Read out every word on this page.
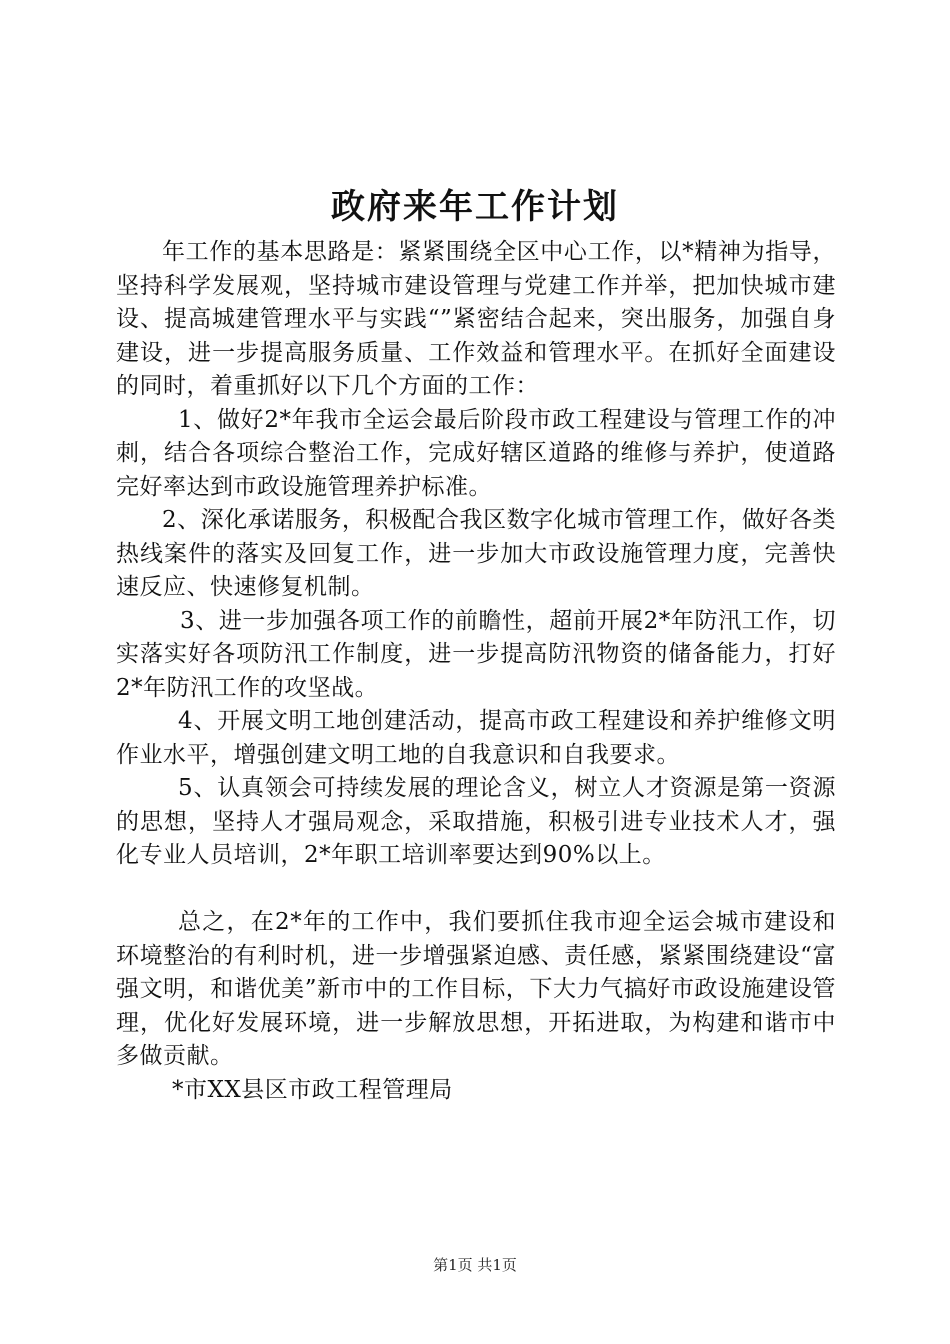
政府来年工作计划

年工作的基本思路是：紧紧围绕全区中心工作，以*精神为指导，坚持科学发展观，坚持城市建设管理与党建工作并举，把加快城市建设、提高城建管理水平与实践“”紧密结合起来，突出服务，加强自身建设，进一步提高服务质量、工作效益和管理水平。在抓好全面建设的同时，着重抓好以下几个方面的工作：

1、做好2*年我市全运会最后阶段市政工程建设与管理工作的冲刺，结合各项综合整治工作，完成好辖区道路的维修与养护，使道路完好率达到市政设施管理养护标准。

2、深化承诺服务，积极配合我区数字化城市管理工作，做好各类热线案件的落实及回复工作，进一步加大市政设施管理力度，完善快速反应、快速修复机制。

3、进一步加强各项工作的前瞻性，超前开展2*年防汛工作，切实落实好各项防汛工作制度，进一步提高防汛物资的储备能力，打好2*年防汛工作的攻坚战。

4、开展文明工地创建活动，提高市政工程建设和养护维修文明作业水平，增强创建文明工地的自我意识和自我要求。

5、认真领会可持续发展的理论含义，树立人才资源是第一资源的思想，坚持人才强局观念，采取措施，积极引进专业技术人才，强化专业人员培训，2*年职工培训率要达到90%以上。

总之，在2*年的工作中，我们要抓住我市迎全运会城市建设和环境整治的有利时机，进一步增强紧迫感、责任感，紧紧围绕建设“富强文明，和谐优美”新市中的工作目标，下大力气搞好市政设施建设管理，优化好发展环境，进一步解放思想，开拓进取，为构建和谐市中多做贡献。

*市XX县区市政工程管理局

第1页 共1页
